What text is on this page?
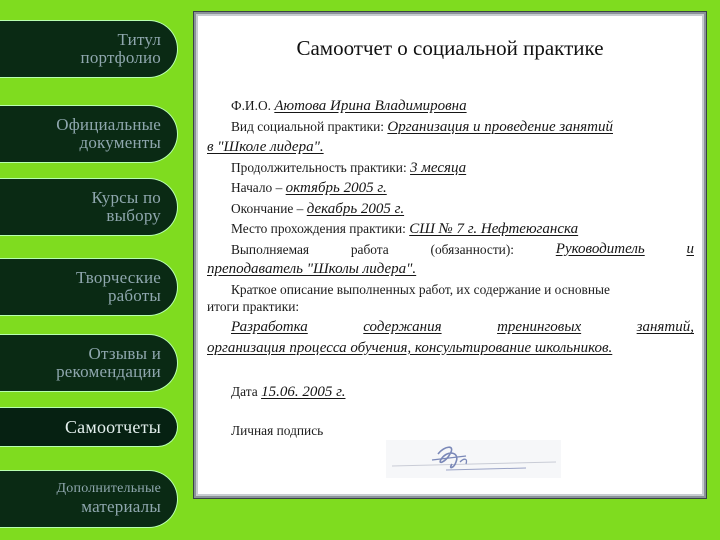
Титул
портфолио
Официальные
документы
Курсы по
выбору
Творческие
работы
Отзывы и
рекомендации
Самоотчеты
Дополнительные
материалы
Самоотчет о социальной практике
Ф.И.О. Аютова Ирина Владимировна
Вид социальной практики: Организация и проведение занятий
в "Школе лидера".
Продолжительность практики: 3 месяца
Начало – октябрь 2005 г.
Окончание – декабрь 2005 г.
Место прохождения практики: СШ № 7 г. Нефтеюганска
Выполняемая	работа	(обязанности):	Руководитель	и
преподаватель "Школы лидера".
Краткое описание выполненных работ, их содержание и основные
итоги практики:
Разработка	содержания	тренинговых	занятий,
организация процесса обучения, консультирование школьников.
Дата 15.06. 2005 г.
Личная подпись
